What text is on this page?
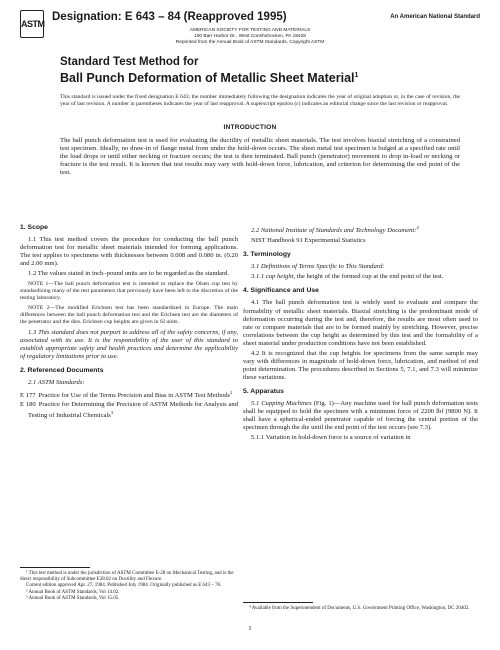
ASTM
Designation: E 643 – 84 (Reapproved 1995)	An American National Standard
AMERICAN SOCIETY FOR TESTING AND MATERIALS
100 Barr Harbor Dr., West Conshohocken, PA 19428
Reprinted from the Annual Book of ASTM Standards, Copyright ASTM
Standard Test Method for
Ball Punch Deformation of Metallic Sheet Material$^1$
This standard is issued under the fixed designation E 643; the number immediately following the designation indicates the year of original adoption or, in the case of revision, the year of last revision. A number in parentheses indicates the year of last reapproval. A superscript epsilon (ε) indicates an editorial change since the last revision or reapproval.
INTRODUCTION
The ball punch deformation test is used for evaluating the ductility of metallic sheet materials. The test involves biaxial stretching of a constrained test specimen. Ideally, no draw-in of flange metal from under the hold-down occurs. The sheet metal test specimen is bulged at a specified rate until the load drops or until either necking or fracture occurs; the test is then terminated. Ball punch (penetrator) movement to drop in-load or necking or fracture is the test result. It is known that test results may vary with hold-down force, lubrication, and criterion for determining the end point of the test.
1. Scope

1.1 This test method covers the procedure for conducting the ball punch deformation test for metallic sheet materials intended for forming applications. The test applies to specimens with thicknesses between 0.008 and 0.080 in. (0.20 and 2.00 mm).

1.2 The values stated in inch–pound units are to be regarded as the standard.

NOTE 1—The ball punch deformation test is intended to replace the Olsen cup test by standardizing many of the test parameters that previously have been left to the discretion of the testing laboratory.

NOTE 2—The modified Erichsen test has been standardized in Europe. The main differences between the ball punch deformation test and the Erichsen test are the diameters of the penetrator and the dies. Erichsen cup heights are given in SI units.

1.3 This standard does not purport to address all of the safety concerns, if any, associated with its use. It is the responsibility of the user of this standard to establish appropriate safety and health practices and determine the applicability of regulatory limitations prior to use.

2. Referenced Documents

2.1 ASTM Standards:

E 177 Practice for Use of the Terms Precision and Bias in ASTM Test Methods$^2$

E 180 Practice for Determining the Precision of ASTM Methods for Analysis and Testing of Industrial Chemicals$^3$

2.2 National Institute of Standards and Technology Document:$^4$

NIST Handbook 91 Experimental Statistics

3. Terminology

3.1 Definitions of Terms Specific to This Standard:

3.1.1 cup height, the height of the formed cup at the end point of the test.

4. Significance and Use

4.1 The ball punch deformation test is widely used to evaluate and compare the formability of metallic sheet materials. Biaxial stretching is the predominant mode of deformation occurring during the test and, therefore, the results are most often used to rate or compare materials that are to be formed mainly by stretching. However, precise correlations between the cup height as determined by this test and the formability of a sheet material under production conditions have not been established.

4.2 It is recognized that the cup heights for specimens from the same sample may vary with differences in magnitude of hold-down force, lubrication, and method of end point determination. The procedures described in Sections 5, 7.1, and 7.3 will minimize these variations.

5. Apparatus

5.1 Cupping Machines (Fig. 1)—Any machine used for ball punch deformation tests shall be equipped to hold the specimen with a minimum force of 2200 lbf (9800 N). It shall have a spherical-ended penetrator capable of forcing the central portion of the specimen through the die until the end point of the test occurs (see 7.3).

5.1.1 Variation in hold-down force is a source of variation in

¹ This test method is under the jurisdiction of ASTM Committee E-28 on Mechanical Testing, and is the direct responsibility of Subcommittee E28.02 on Ductility and Flexure.

Current edition approved Apr. 27, 1984. Published July 1984. Originally published as E 643 – 78.

² Annual Book of ASTM Standards, Vol 14.02.

³ Annual Book of ASTM Standards, Vol 15.05.

⁴ Available from the Superintendent of Documents, U.S. Government Printing Office, Washington, DC 20402.

1
